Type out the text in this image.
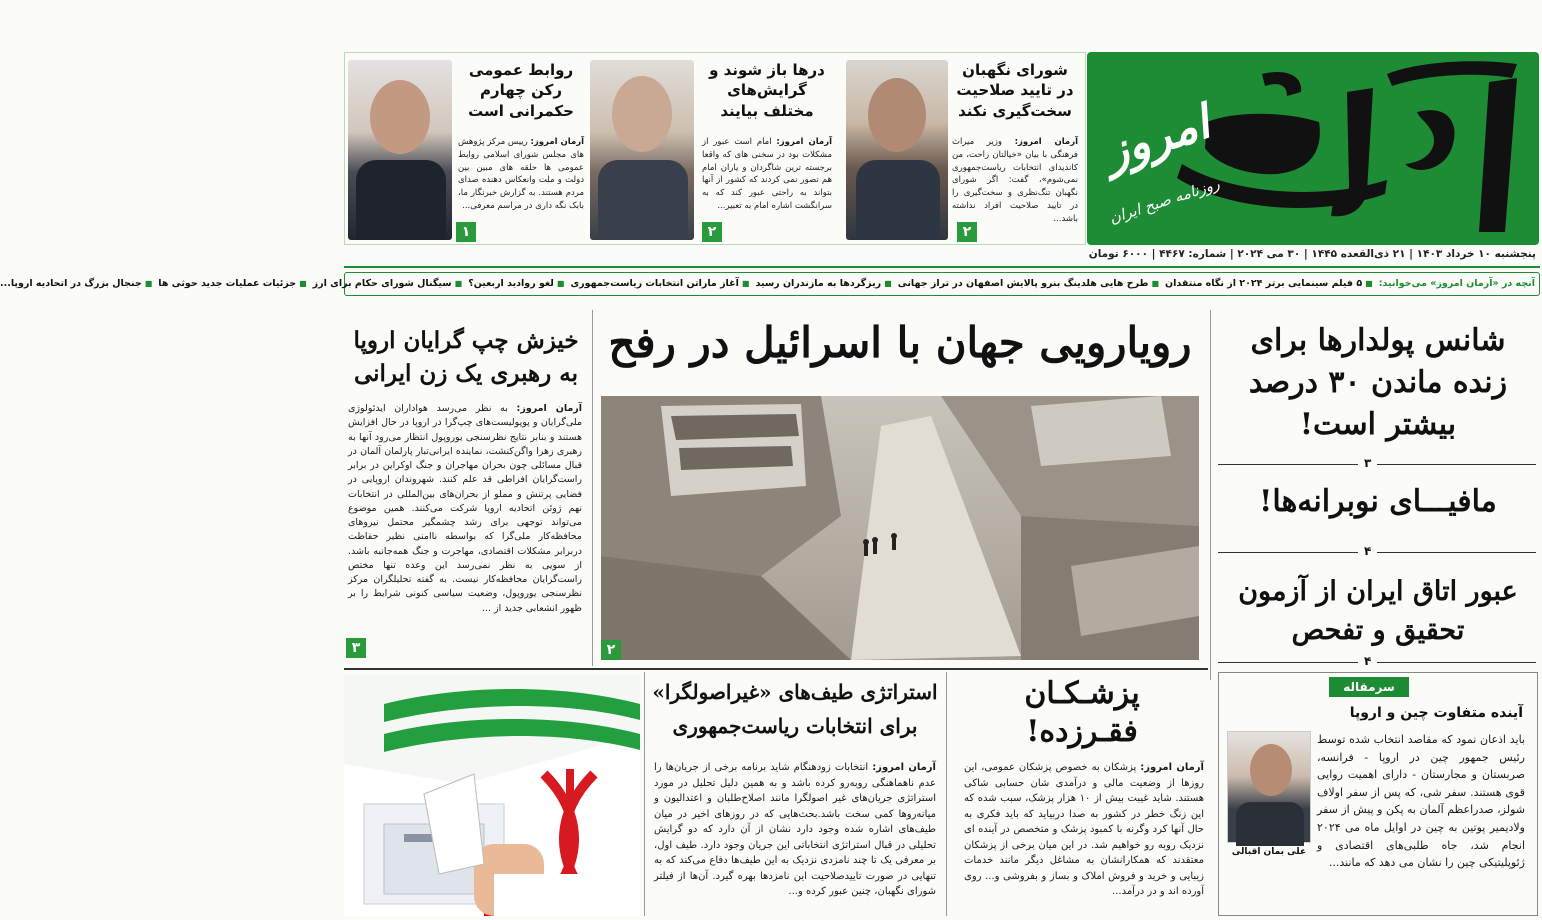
امروز
روزنامه صبح ایران
شورای نگهبان در تایید صلاحیت سخت‌گیری نکند
آرمان امروز: وزیر میراث فرهنگی با بیان «خیالتان راحت، من کاندیدای انتخابات ریاست‌جمهوری نمی‌شوم»، گفت: اگر شورای نگهبان تنگ‌نظری و سخت‌گیری را در تایید صلاحیت افراد نداشته باشد...
۲
درها باز شوند و گرایش‌های مختلف بیایند
آرمان امروز: امام است عبور از مشکلات بود در سخنی های که واقعا برجسته ترین شاگردان و یاران امام هم تصور نمی کردند که کشور از آنها بتواند به راحتی عبور کند که به سرانگشت اشاره امام به تعبیر...
۲
روابط عمومی رکن چهارم حکمرانی است
آرمان امروز: رییس مرکز پژوهش های مجلس شورای اسلامی روابط عمومی ها حلقه های مبین بین دولت و ملت وانعکاس دهنده صدای مردم هستند. به گزارش خبرنگار ما، بابک نگه داری در مراسم معرفی...
۱
پنجشنبه ۱۰ خرداد ۱۴۰۳ | ۲۱ ذی‌القعده ۱۴۴۵ | ۳۰ می ۲۰۲۴ | شماره: ۴۴۶۷ | ۶۰۰۰ تومان
آنچه در «آرمان امروز» می‌خوانید: ■ ۵ فیلم سینمایی برتر ۲۰۲۴ از نگاه منتقدان ■ طرح هایی هلدینگ بنرو پالایش اصفهان در تراز جهانی ■ ریزگردها به مازندران رسید ■ آغاز ماراتن انتخابات ریاست‌جمهوری ■ لغو رواديد اربعين؟ ■ سيگنال شوراى حكام براى ارز ■ جزئيات عمليات جديد حوثى ها ■ جنجال بزرگ در اتحاديه اروپا...
شانس پولدارها برای زنده ماندن ۳۰ درصد بیشتر است!
۳
مافیـــای نوبرانه‌ها!
۴
عبور اتاق ایران از آزمون تحقیق و تفحص
۴
رویارویی جهان با اسرائیل در رفح
۲
خیزش چپ گرایان اروپا به رهبری یک زن ایرانی
آرمان امروز: به نظر می‌رسد هواداران ایدئولوژی ملی‌گرایان و پوپولیست‌های چپ‌گرا در اروپا در حال افزایش هستند و بنابر نتایج نظرسنجی یوروپول انتظار می‌رود آنها به رهبری زهرا واگن‌کنشت، نماینده ایرانی‌تبار پارلمان آلمان در قبال مسائلی چون بحران مهاجران و جنگ اوکراین در برابر راست‌گرایان افراطی قد علم کنند. شهروندان اروپایی در فضایی پرتنش و مملو از بحران‌های بین‌المللی در انتخابات نهم ژوئن اتحادیه اروپا شرکت می‌کنند. همین موضوع می‌تواند توجهی برای رشد چشمگیر محتمل نیروهای محافظه‌کار ملی‌گرا که بواسطه ناامنی نظیر حفاظت دربرابر مشکلات اقتصادی، مهاجرت و جنگ همه‌جانبه باشد. از سویی به نظر نمی‌رسد این وعده تنها مختص راست‌گرایان محافظه‌کار نیست. به گفته تحلیلگران مرکز نظرسنجی یوروپول، وضعیت سیاسی کنونی شرایط را بر ظهور انشعابی جدید از ...
۳
سرمقاله
آینده متفاوت چین و اروپا
علی بمان اقبالی
باید اذعان نمود که مقاصد انتخاب شده توسط رئیس جمهور چین در اروپا - فرانسه، صربستان و مجارستان - دارای اهمیت روایی قوی هستند. سفر شی، که پس از سفر اولاف شولز، صدراعظم آلمان به پکن و پیش از سفر ولادیمیر پوتین به چین در اوایل ماه می ۲۰۲۴ انجام شد، جاه طلبی‌های اقتصادی و ژئوپلیتیکی چین را نشان می دهد که مانند...
پزشـکـان
فقـرزده!
آرمان امروز: پزشکان به خصوص پزشکان عمومی، این روزها از وضعیت مالی و درآمدی شان حسابی شاکی هستند. شاید غیبت بیش از ۱۰ هزار پزشک، سبب شده که این زنگ خطر در کشور به صدا دربیاید که باید فکری به حال آنها کرد وگرنه با کمبود پزشک و متخصص در آینده ای نزدیک روبه رو خواهیم شد. در این میان برخی از پزشکان معتقدند که همکارانشان به مشاغل دیگر مانند خدمات زیبایی و خرید و فروش املاک و بساز و بفروشی و... روی آورده اند و در درآمد...
استراتژی طیف‌های «غیراصولگرا»
برای انتخابات ریاست‌جمهوری
آرمان امروز: انتخابات زودهنگام شاید برنامه برخی از جریان‌ها را عدم ناهماهنگی روبه‌رو کرده باشد و به همین دلیل تحلیل در مورد استراتژی جریان‌های غیر اصولگرا مانند اصلاح‌طلبان و اعتدالیون و میانه‌روها کمی سخت باشد.بحث‌هایی که در روزهای اخیر در میان طیف‌های اشاره شده وجود دارد نشان از آن دارد که دو گرایش تحلیلی در قبال استراتژی انتخاباتی این جریان وجود دارد. طیف اول، بر معرفی یک تا چند نامزدی نزدیک به این طیف‌ها دفاع می‌کند که به تنهایی در صورت تاییدصلاحیت این نامزدها بهره گیرد. آن‌ها از فیلتر شورای نگهبان، چنین عبور کرده و...
